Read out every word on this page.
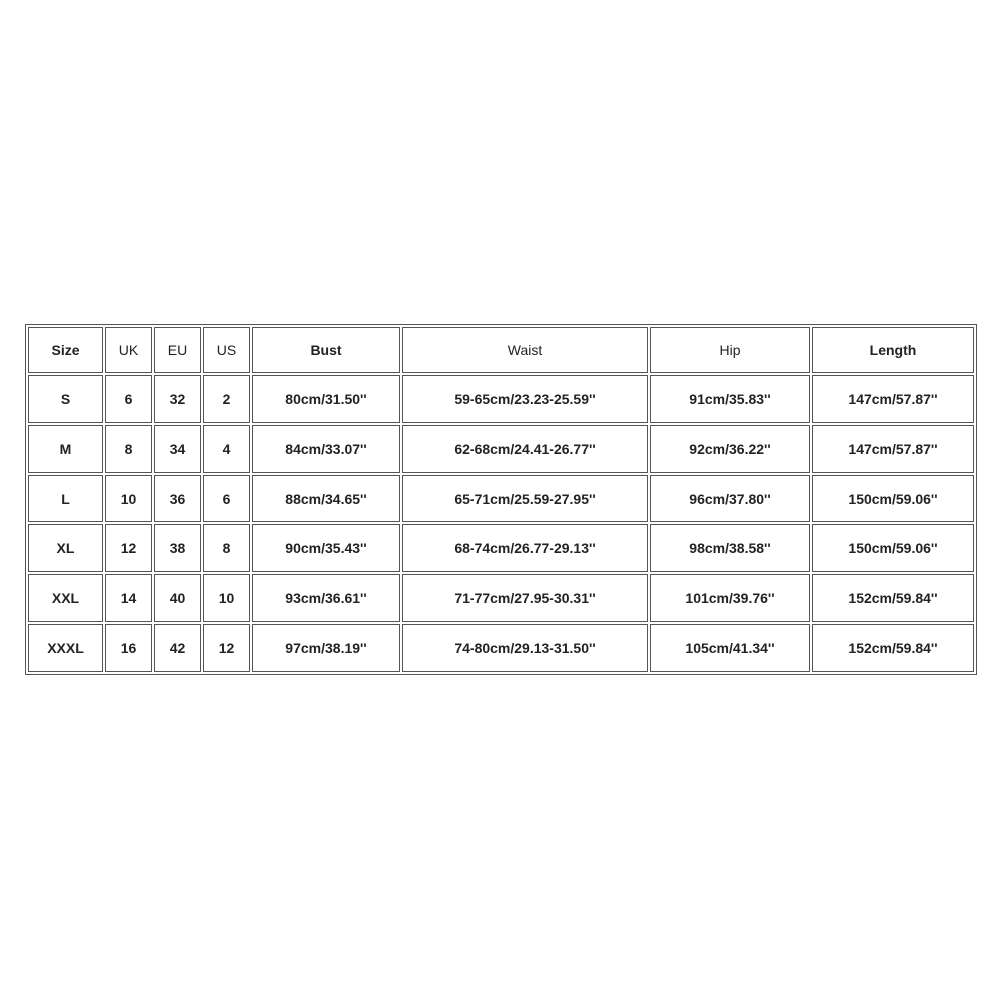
Size	UK	EU	US	Bust	Waist	Hip	Length
S	6	32	2	80cm/31.50''	59-65cm/23.23-25.59''	91cm/35.83''	147cm/57.87''
M	8	34	4	84cm/33.07''	62-68cm/24.41-26.77''	92cm/36.22''	147cm/57.87''
L	10	36	6	88cm/34.65''	65-71cm/25.59-27.95''	96cm/37.80''	150cm/59.06''
XL	12	38	8	90cm/35.43''	68-74cm/26.77-29.13''	98cm/38.58''	150cm/59.06''
XXL	14	40	10	93cm/36.61''	71-77cm/27.95-30.31''	101cm/39.76''	152cm/59.84''
XXXL	16	42	12	97cm/38.19''	74-80cm/29.13-31.50''	105cm/41.34''	152cm/59.84''
